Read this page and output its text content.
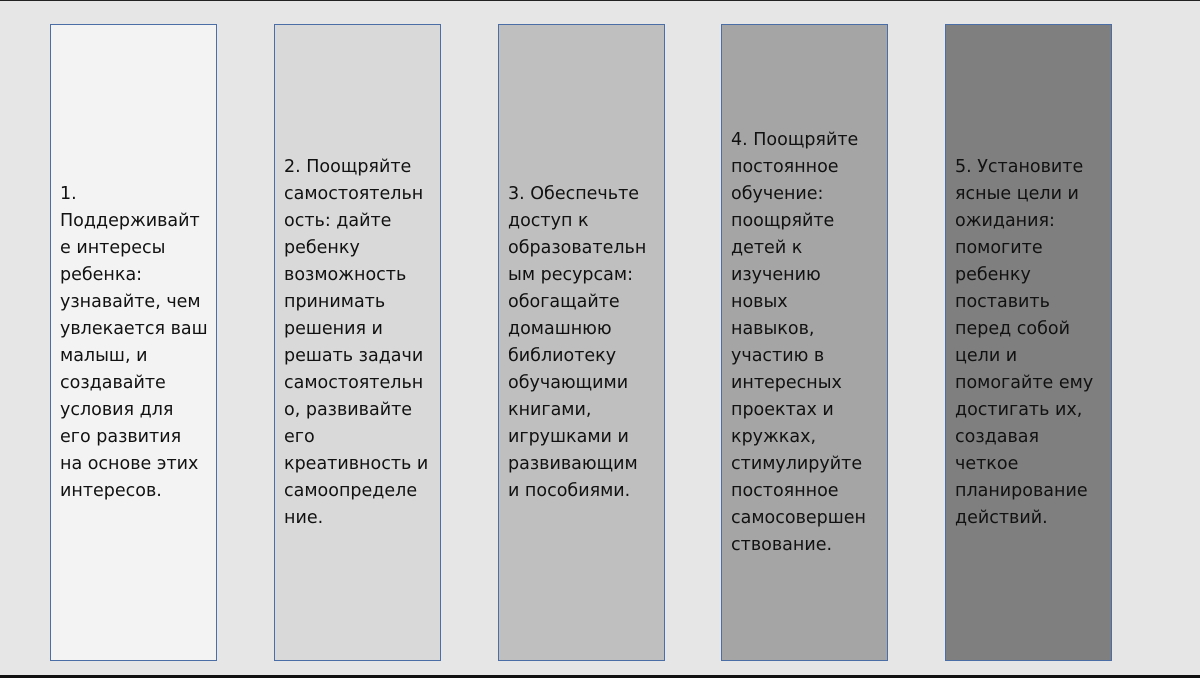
1.
Поддерживайт
е интересы
ребенка:
узнавайте, чем
увлекается ваш
малыш, и
создавайте
условия для
его развития
на основе этих
интересов.
2. Поощряйте
самостоятельн
ость: дайте
ребенку
возможность
принимать
решения и
решать задачи
самостоятельн
о, развивайте
его
креативность и
самоопределе
ние.
3. Обеспечьте
доступ к
образовательн
ым ресурсам:
обогащайте
домашнюю
библиотеку
обучающими
книгами,
игрушками и
развивающим
и пособиями.
4. Поощряйте
постоянное
обучение:
поощряйте
детей к
изучению
новых
навыков,
участию в
интересных
проектах и
кружках,
стимулируйте
постоянное
самосовершен
ствование.
5. Установите
ясные цели и
ожидания:
помогите
ребенку
поставить
перед собой
цели и
помогайте ему
достигать их,
создавая
четкое
планирование
действий.
